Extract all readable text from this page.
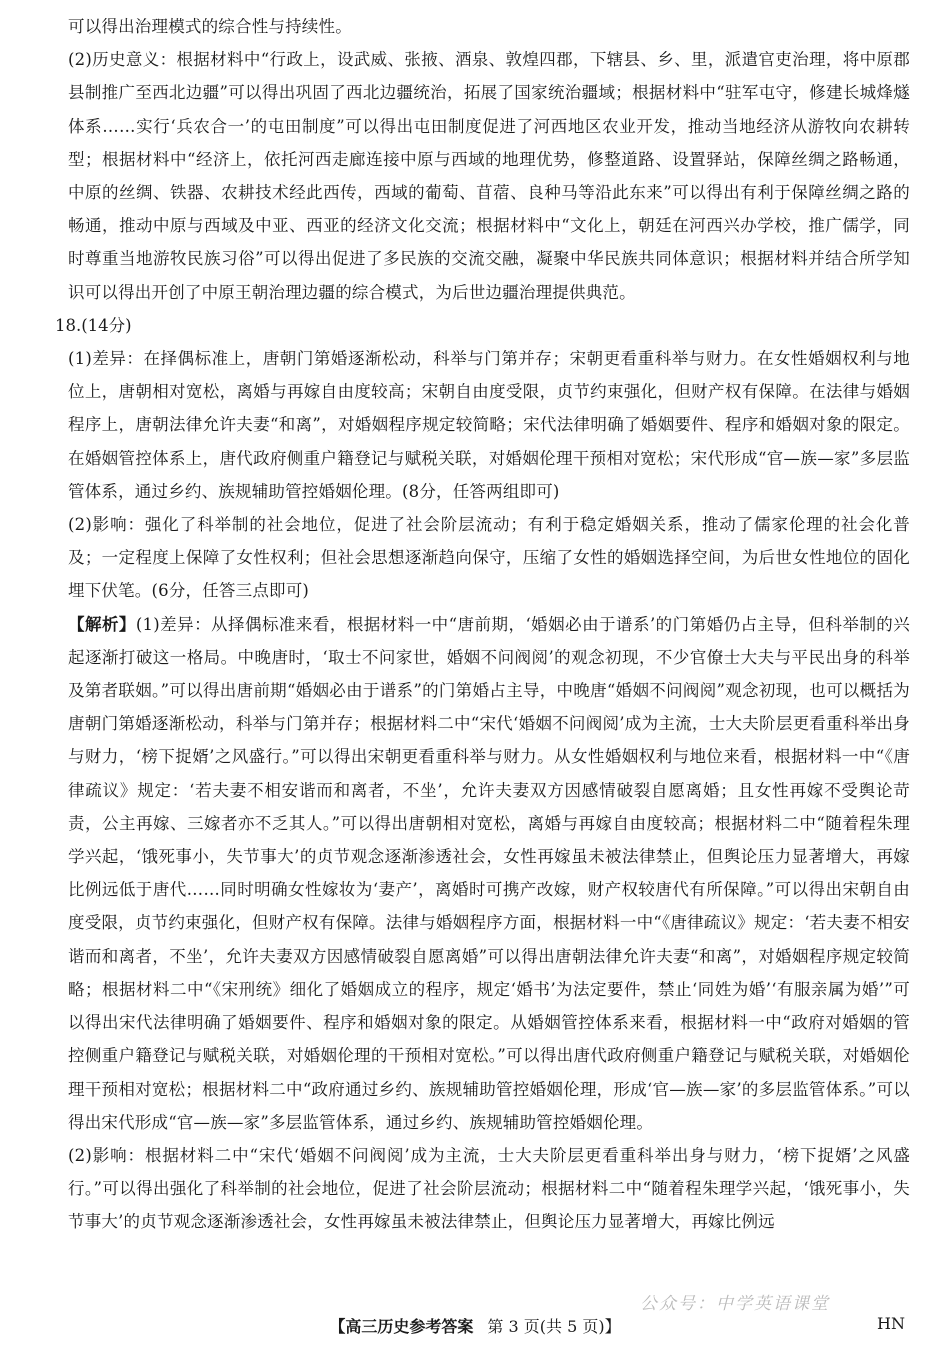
可以得出治理模式的综合性与持续性。

(2)历史意义：根据材料中“行政上，设武威、张掖、酒泉、敦煌四郡，下辖县、乡、里，派遣官吏治理，将中原郡县制推广至西北边疆”可以得出巩固了西北边疆统治，拓展了国家统治疆域；根据材料中“驻军屯守，修建长城烽燧体系……实行‘兵农合一’的屯田制度”可以得出屯田制度促进了河西地区农业开发，推动当地经济从游牧向农耕转型；根据材料中“经济上，依托河西走廊连接中原与西域的地理优势，修整道路、设置驿站，保障丝绸之路畅通，中原的丝绸、铁器、农耕技术经此西传，西域的葡萄、苜蓿、良种马等沿此东来”可以得出有利于保障丝绸之路的畅通，推动中原与西域及中亚、西亚的经济文化交流；根据材料中“文化上，朝廷在河西兴办学校，推广儒学，同时尊重当地游牧民族习俗”可以得出促进了多民族的交流交融，凝聚中华民族共同体意识；根据材料并结合所学知识可以得出开创了中原王朝治理边疆的综合模式，为后世边疆治理提供典范。

18.(14分)

(1)差异：在择偶标准上，唐朝门第婚逐渐松动，科举与门第并存；宋朝更看重科举与财力。在女性婚姻权利与地位上，唐朝相对宽松，离婚与再嫁自由度较高；宋朝自由度受限，贞节约束强化，但财产权有保障。在法律与婚姻程序上，唐朝法律允许夫妻“和离”，对婚姻程序规定较简略；宋代法律明确了婚姻要件、程序和婚姻对象的限定。在婚姻管控体系上，唐代政府侧重户籍登记与赋税关联，对婚姻伦理干预相对宽松；宋代形成“官—族—家”多层监管体系，通过乡约、族规辅助管控婚姻伦理。(8分，任答两组即可)

(2)影响：强化了科举制的社会地位，促进了社会阶层流动；有利于稳定婚姻关系，推动了儒家伦理的社会化普及；一定程度上保障了女性权利；但社会思想逐渐趋向保守，压缩了女性的婚姻选择空间，为后世女性地位的固化埋下伏笔。(6分，任答三点即可)

【解析】(1)差异：从择偶标准来看，根据材料一中“唐前期，‘婚姻必由于谱系’的门第婚仍占主导，但科举制的兴起逐渐打破这一格局。中晚唐时，‘取士不问家世，婚姻不问阀阅’的观念初现，不少官僚士大夫与平民出身的科举及第者联姻。”可以得出唐前期“婚姻必由于谱系”的门第婚占主导，中晚唐“婚姻不问阀阅”观念初现，也可以概括为唐朝门第婚逐渐松动，科举与门第并存；根据材料二中“宋代‘婚姻不问阀阅’成为主流，士大夫阶层更看重科举出身与财力，‘榜下捉婿’之风盛行。”可以得出宋朝更看重科举与财力。从女性婚姻权利与地位来看，根据材料一中“《唐律疏议》规定：‘若夫妻不相安谐而和离者，不坐’，允许夫妻双方因感情破裂自愿离婚；且女性再嫁不受舆论苛责，公主再嫁、三嫁者亦不乏其人。”可以得出唐朝相对宽松，离婚与再嫁自由度较高；根据材料二中“随着程朱理学兴起，‘饿死事小，失节事大’的贞节观念逐渐渗透社会，女性再嫁虽未被法律禁止，但舆论压力显著增大，再嫁比例远低于唐代……同时明确女性嫁妆为‘妻产’，离婚时可携产改嫁，财产权较唐代有所保障。”可以得出宋朝自由度受限，贞节约束强化，但财产权有保障。法律与婚姻程序方面，根据材料一中“《唐律疏议》规定：‘若夫妻不相安谐而和离者，不坐’，允许夫妻双方因感情破裂自愿离婚”可以得出唐朝法律允许夫妻“和离”，对婚姻程序规定较简略；根据材料二中“《宋刑统》细化了婚姻成立的程序，规定‘婚书’为法定要件，禁止‘同姓为婚’‘有服亲属为婚’”可以得出宋代法律明确了婚姻要件、程序和婚姻对象的限定。从婚姻管控体系来看，根据材料一中“政府对婚姻的管控侧重户籍登记与赋税关联，对婚姻伦理的干预相对宽松。”可以得出唐代政府侧重户籍登记与赋税关联，对婚姻伦理干预相对宽松；根据材料二中“政府通过乡约、族规辅助管控婚姻伦理，形成‘官—族—家’的多层监管体系。”可以得出宋代形成“官—族—家”多层监管体系，通过乡约、族规辅助管控婚姻伦理。

(2)影响：根据材料二中“宋代‘婚姻不问阀阅’成为主流，士大夫阶层更看重科举出身与财力，‘榜下捉婿’之风盛行。”可以得出强化了科举制的社会地位，促进了社会阶层流动；根据材料二中“随着程朱理学兴起，‘饿死事小，失节事大’的贞节观念逐渐渗透社会，女性再嫁虽未被法律禁止，但舆论压力显著增大，再嫁比例远

公众号：中学英语课堂
【高三历史参考答案 第 3 页(共 5 页)】	HN
